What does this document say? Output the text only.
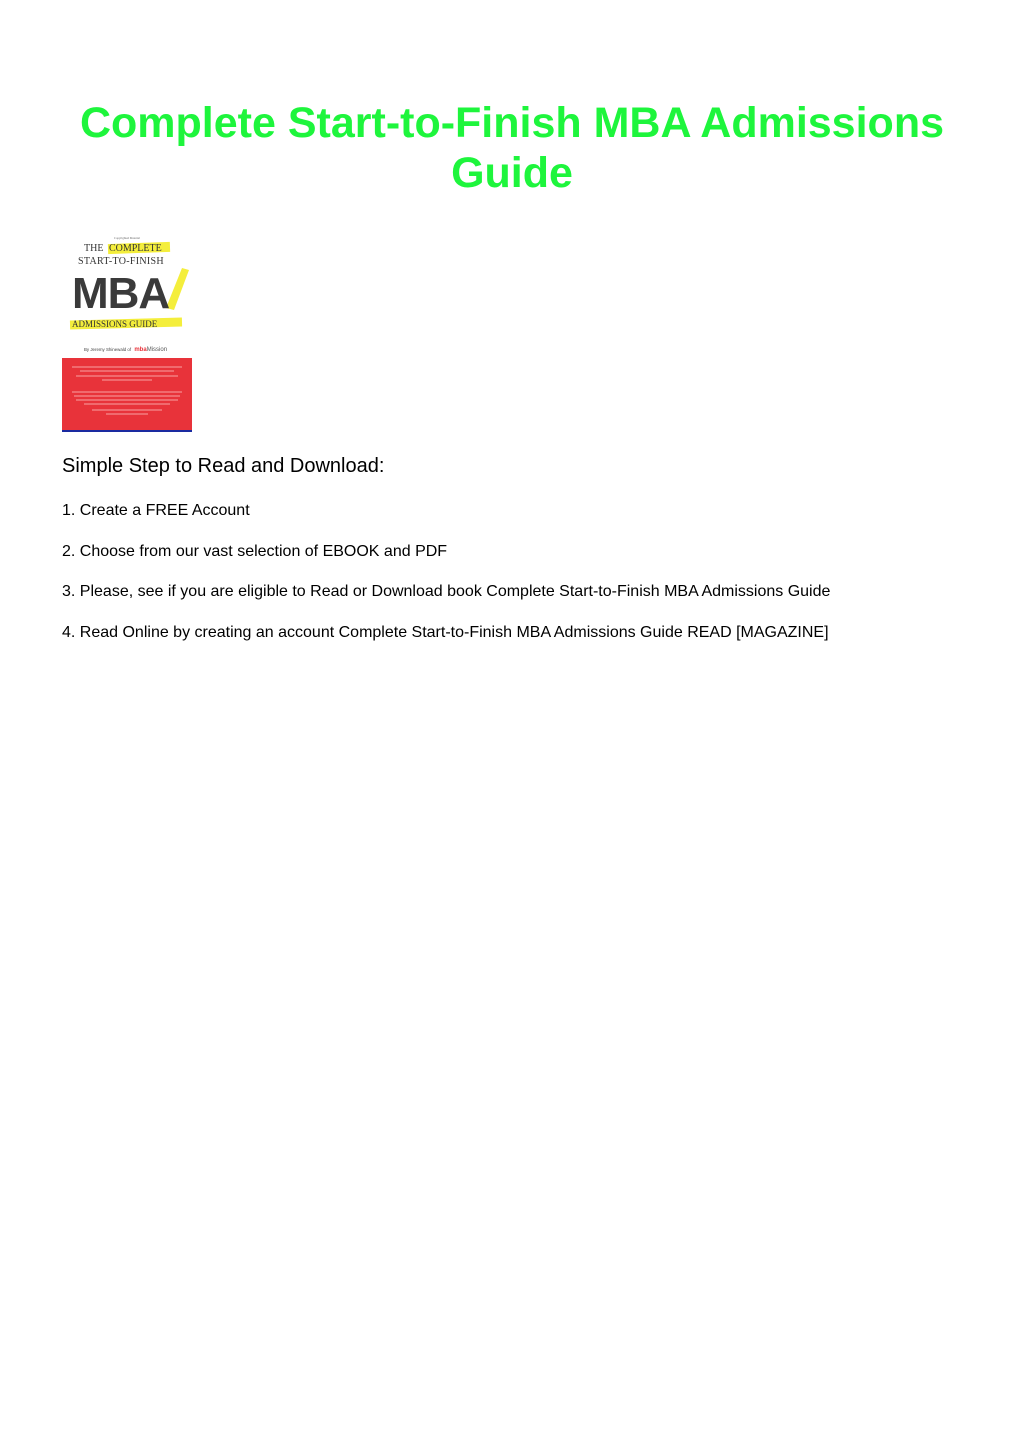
Complete Start-to-Finish MBA Admissions Guide
Copyrighted Material
THE COMPLETE
START-TO-FINISH
MBA
ADMISSIONS GUIDE
By Jeremy Shinewald of mbaMission
Simple Step to Read and Download:
1. Create a FREE Account
2. Choose from our vast selection of EBOOK and PDF
3. Please, see if you are eligible to Read or Download book Complete Start-to-Finish MBA Admissions Guide
4. Read Online by creating an account Complete Start-to-Finish MBA Admissions Guide READ [MAGAZINE]
